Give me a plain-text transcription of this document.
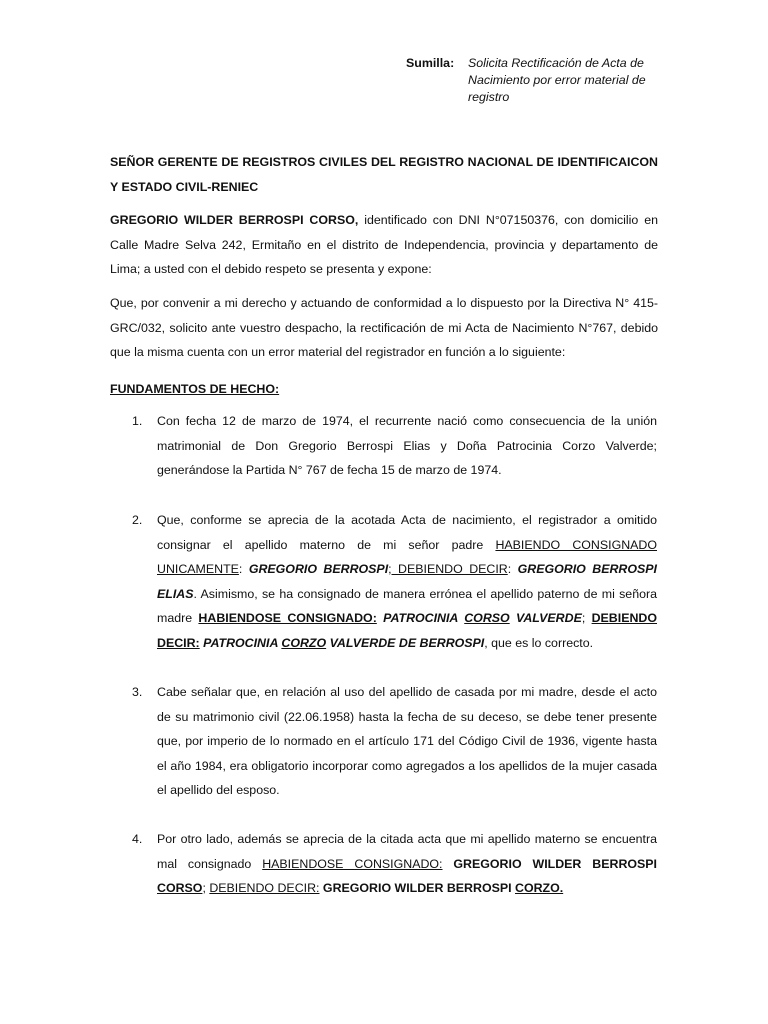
Sumilla: Solicita Rectificación de Acta de Nacimiento por error material de registro
SEÑOR GERENTE DE REGISTROS CIVILES DEL REGISTRO NACIONAL DE IDENTIFICAICON Y ESTADO CIVIL-RENIEC
GREGORIO WILDER BERROSPI CORSO, identificado con DNI N°07150376, con domicilio en Calle Madre Selva 242, Ermitaño en el distrito de Independencia, provincia y departamento de Lima; a usted con el debido respeto se presenta y expone:
Que, por convenir a mi derecho y actuando de conformidad a lo dispuesto por la Directiva N° 415-GRC/032, solicito ante vuestro despacho, la rectificación de mi Acta de Nacimiento N°767, debido que la misma cuenta con un error material del registrador en función a lo siguiente:
FUNDAMENTOS DE HECHO:
1.	Con fecha 12 de marzo de 1974, el recurrente nació como consecuencia de la unión matrimonial de Don Gregorio Berrospi Elias y Doña Patrocinia Corzo Valverde; generándose la Partida N° 767 de fecha 15 de marzo de 1974.
2.	Que, conforme se aprecia de la acotada Acta de nacimiento, el registrador a omitido consignar el apellido materno de mi señor padre HABIENDO CONSIGNADO UNICAMENTE: GREGORIO BERROSPI; DEBIENDO DECIR: GREGORIO BERROSPI ELIAS. Asimismo, se ha consignado de manera errónea el apellido paterno de mi señora madre HABIENDOSE CONSIGNADO: PATROCINIA CORSO VALVERDE; DEBIENDO DECIR: PATROCINIA CORZO VALVERDE DE BERROSPI, que es lo correcto.
3.	Cabe señalar que, en relación al uso del apellido de casada por mi madre, desde el acto de su matrimonio civil (22.06.1958) hasta la fecha de su deceso, se debe tener presente que, por imperio de lo normado en el artículo 171 del Código Civil de 1936, vigente hasta el año 1984, era obligatorio incorporar como agregados a los apellidos de la mujer casada el apellido del esposo.
4.	Por otro lado, además se aprecia de la citada acta que mi apellido materno se encuentra mal consignado HABIENDOSE CONSIGNADO: GREGORIO WILDER BERROSPI CORSO; DEBIENDO DECIR: GREGORIO WILDER BERROSPI CORZO.
